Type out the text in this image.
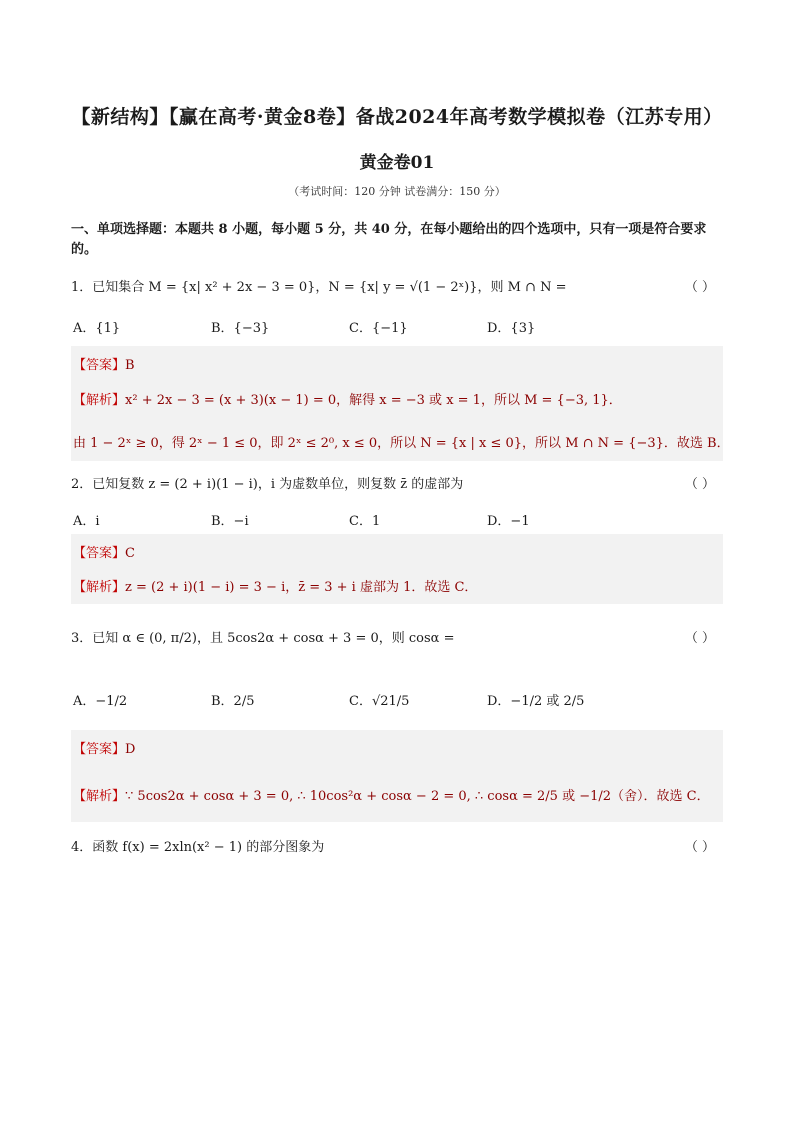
【新结构】【赢在高考·黄金8卷】备战2024年高考数学模拟卷（江苏专用）
黄金卷01
（考试时间：120 分钟 试卷满分：150 分）
一、单项选择题：本题共 8 小题，每小题 5 分，共 40 分，在每小题给出的四个选项中，只有一项是符合要求的。
1．已知集合 M = {x| x² + 2x − 3 = 0}，N = {x| y = √(1 − 2ˣ)}，则 M ∩ N =	（ ）
A．{1}	B．{−3}	C．{−1}	D．{3}
【答案】B
【解析】x² + 2x − 3 = (x + 3)(x − 1) = 0，解得 x = −3 或 x = 1，所以 M = {−3, 1}．
由 1 − 2ˣ ≥ 0，得 2ˣ − 1 ≤ 0，即 2ˣ ≤ 2⁰, x ≤ 0，所以 N = {x | x ≤ 0}，所以 M ∩ N = {−3}．故选 B．
2．已知复数 z = (2 + i)(1 − i)，i 为虚数单位，则复数 z̄ 的虚部为	（ ）
A．i	B．−i	C．1	D．−1
【答案】C
【解析】z = (2 + i)(1 − i) = 3 − i，z̄ = 3 + i 虚部为 1．故选 C．
3．已知 α ∈ (0, π/2)，且 5cos2α + cosα + 3 = 0，则 cosα =	（ ）
A．−1/2	B．2/5	C．√21/5	D．−1/2 或 2/5
【答案】D
【解析】∵ 5cos2α + cosα + 3 = 0, ∴ 10cos²α + cosα − 2 = 0, ∴ cosα = 2/5 或 −1/2（舍）．故选 C．
4．函数 f(x) = 2xln(x² − 1) 的部分图象为	（ ）
